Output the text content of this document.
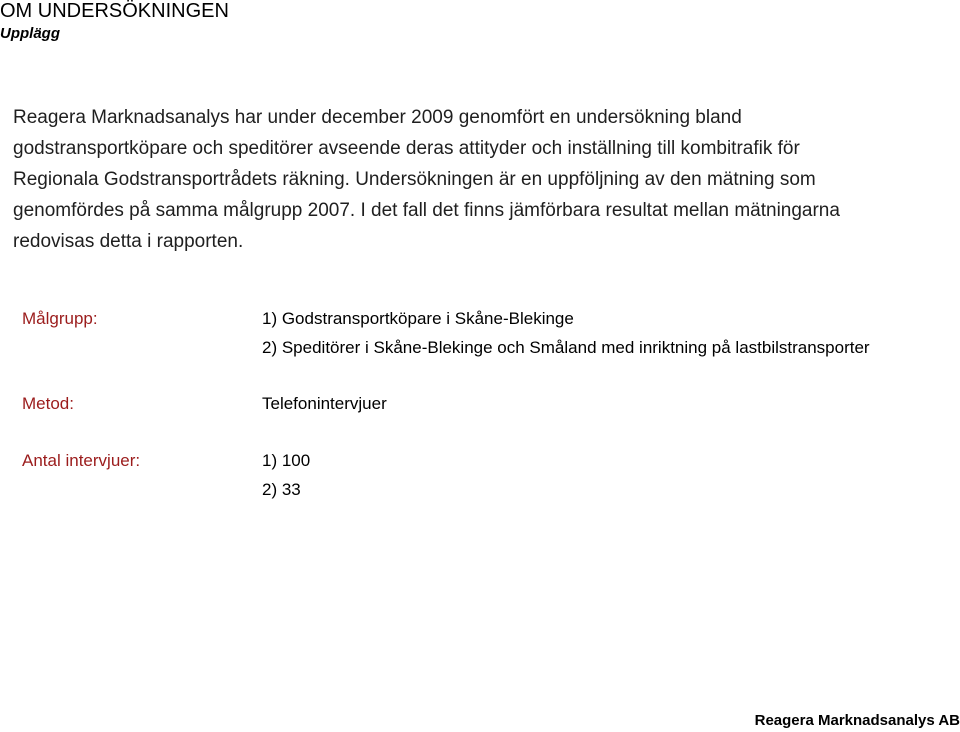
OM UNDERSÖKNINGEN
Upplägg

Reagera Marknadsanalys har under december 2009 genomfört en undersökning bland
godstransportköpare och speditörer avseende deras attityder och inställning till kombitrafik för
Regionala Godstransportrådets räkning. Undersökningen är en uppföljning av den mätning som
genomfördes på samma målgrupp 2007. I det fall det finns jämförbara resultat mellan mätningarna
redovisas detta i rapporten.

Målgrupp:	1) Godstransportköpare i Skåne-Blekinge
2) Speditörer i Skåne-Blekinge och Småland med inriktning på lastbilstransporter
Metod:	Telefonintervjuer
Antal intervjuer:	1) 100
2) 33
Reagera Marknadsanalys AB
